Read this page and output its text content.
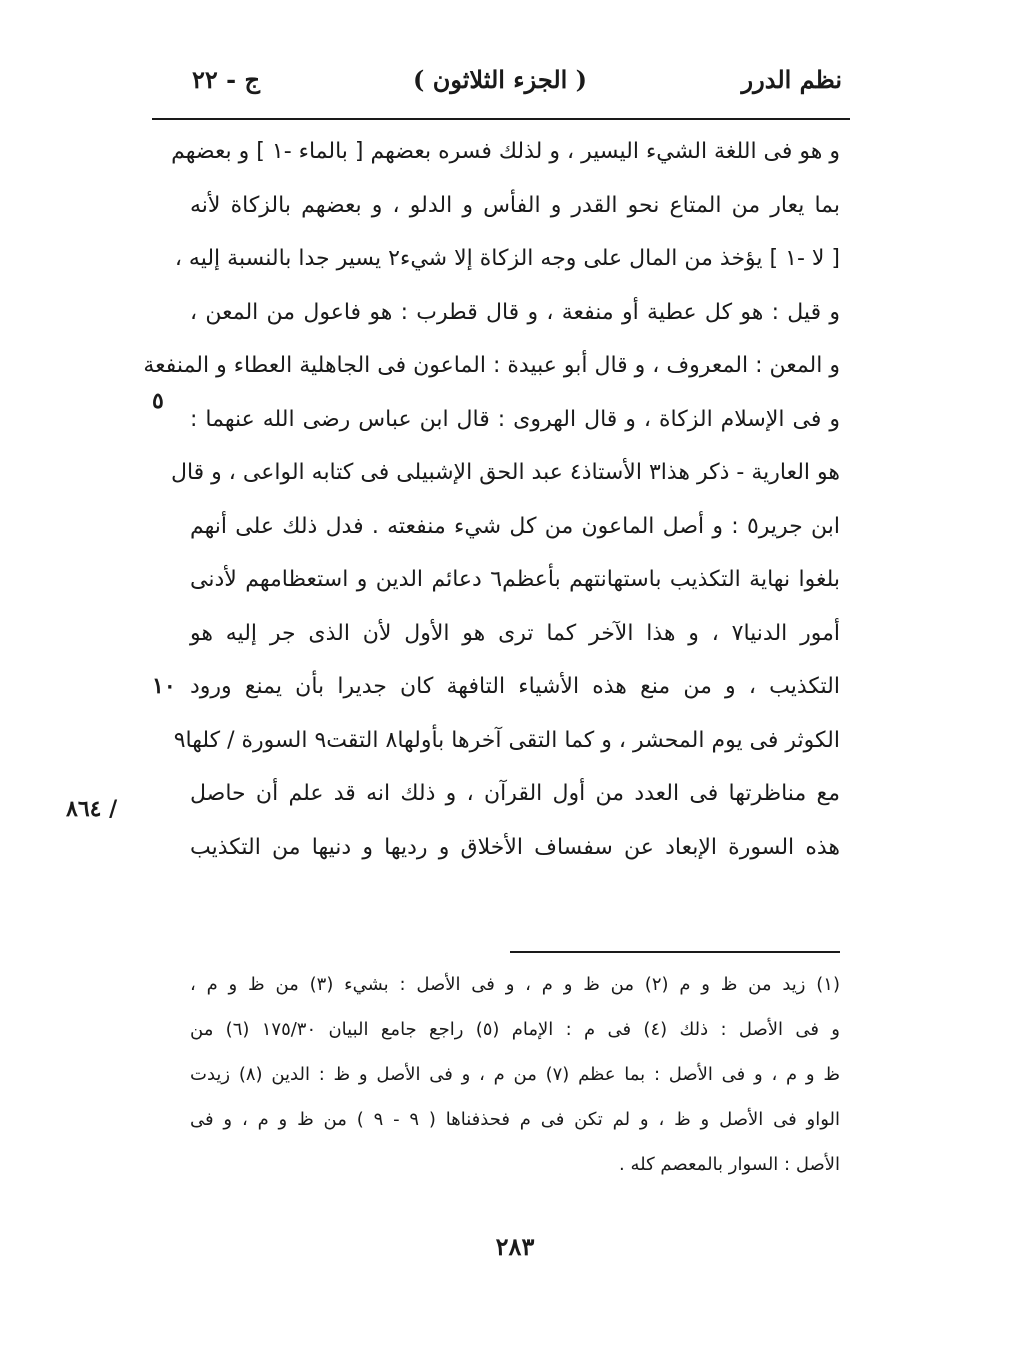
نظم الدرر
( الجزء الثلاثون )
ج - ٢٢
و هو فى اللغة الشيء اليسير ، و لذلك فسره بعضهم [ بالماء -١ ] و بعضهم
بما يعار من المتاع نحو القدر و الفأس و الدلو ، و بعضهم بالزكاة لأنه
[ لا -١ ] يؤخذ من المال على وجه الزكاة إلا شيء٢ يسير جدا بالنسبة إليه ،
و قيل : هو كل عطية أو منفعة ، و قال قطرب : هو فاعول من المعن ،
و المعن : المعروف ، و قال أبو عبيدة : الماعون فى الجاهلية العطاء و المنفعة
و فى الإسلام الزكاة ، و قال الهروى : قال ابن عباس رضى الله عنهما :
هو العارية - ذكر هذا٣ الأستاذ٤ عبد الحق الإشبيلى فى كتابه الواعى ، و قال
ابن جرير٥ : و أصل الماعون من كل شيء منفعته . فدل ذلك على أنهم
بلغوا نهاية التكذيب باستهانتهم بأعظم٦ دعائم الدين و استعظامهم لأدنى
أمور الدنيا٧ ، و هذا الآخر كما ترى هو الأول لأن الذى جر إليه هو
التكذيب ، و من منع هذه الأشياء التافهة كان جديرا بأن يمنع ورود
الكوثر فى يوم المحشر ، و كما التقى آخرها بأولها٨ التقت٩ السورة / كلها٩
مع مناظرتها فى العدد من أول القرآن ، و ذلك انه قد علم أن حاصل
هذه السورة الإبعاد عن سفساف الأخلاق و رديها و دنيها من التكذيب
٥
١٠
/ ٨٦٤
(١) زيد من ظ و م (٢) من ظ و م ، و فى الأصل : بشيء (٣) من ظ و م ،
و فى الأصل : ذلك (٤) فى م : الإمام (٥) راجع جامع البيان ١٧٥/٣٠ (٦) من
ظ و م ، و فى الأصل : بما عظم (٧) من م ، و فى الأصل و ظ : الدين (٨) زيدت
الواو فى الأصل و ظ ، و لم تكن فى م فحذفناها ( ٩ - ٩ ) من ظ و م ، و فى
الأصل : السوار بالمعصم كله .
٢٨٣
